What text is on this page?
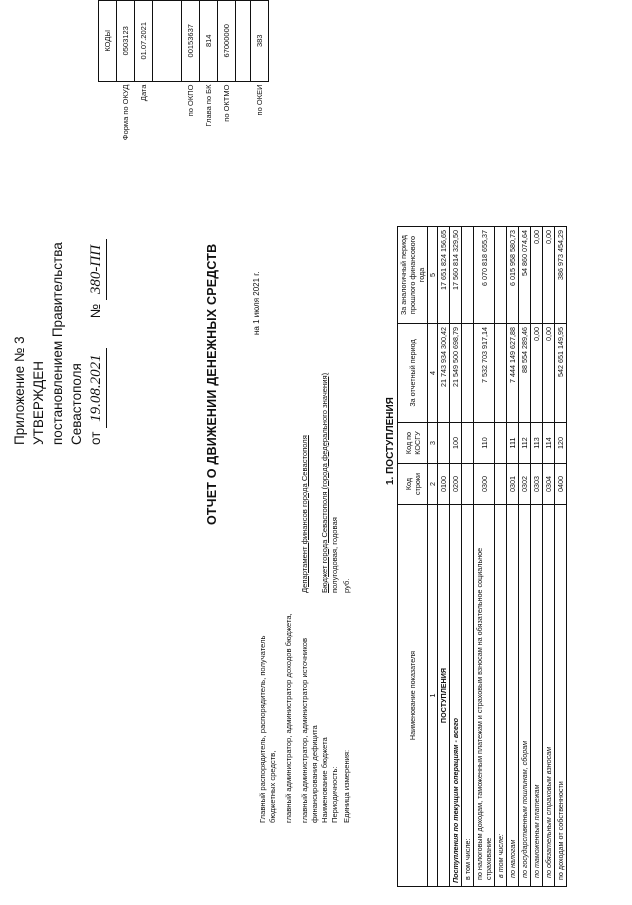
Приложение № 3 УТВЕРЖДЕН постановлением Правительства Севастополя от 19.08.2021        № 380-ПП	ОТЧЕТ О ДВИЖЕНИИ ДЕНЕЖНЫХ СРЕДСТВ	на 1 июля 2021 г.
Главный распорядитель, распорядитель, получатель бюджетных средств, главный администратор, администратор доходов бюджета, главный администратор, администратор источников
Департамент финансов города Севастополя
финансирования дефицита Наименование бюджета
Бюджет города Севастополя (города федерального значения)
Периодичность:
полугодовая, годовая
Единица измерения:
руб.
	КОДЫ
Форма по ОКУД	0503123
Дата	01.07.2021

по ОКПО	00153637
Глава по БК	814
по ОКТМО	67000000

по ОКЕИ	383
1. ПОСТУПЛЕНИЯ
Наименование показателя	Код строки	Код по КОСГУ	За отчетный период	За аналогичный период прошлого финансового года
1	2	3	4	5
ПОСТУПЛЕНИЯ	0100		21 743 934 300,42	17 651 824 156,65
Поступления по текущим операциям - всего	0200	100	21 549 500 698,79	17 560 814 329,50
в том числе:				
по налоговым доходам, таможенным платежам и страховым взносам на обязательное социальное
страхование	0300	110	7 532 703 917,14	6 070 818 655,37
в том числе:				
по налогам	0301	111	7 444 149 627,88	6 015 958 580,73
по государственным пошлинам, сборам	0302	112	88 554 289,46	54 860 074,64
по таможенным платежам	0303	113	0,00	0,00
по обязательным страховым взносам	0304	114	0,00	0,00
по доходам от собственности	0400	120	542 651 149,95	386 973 454,29
